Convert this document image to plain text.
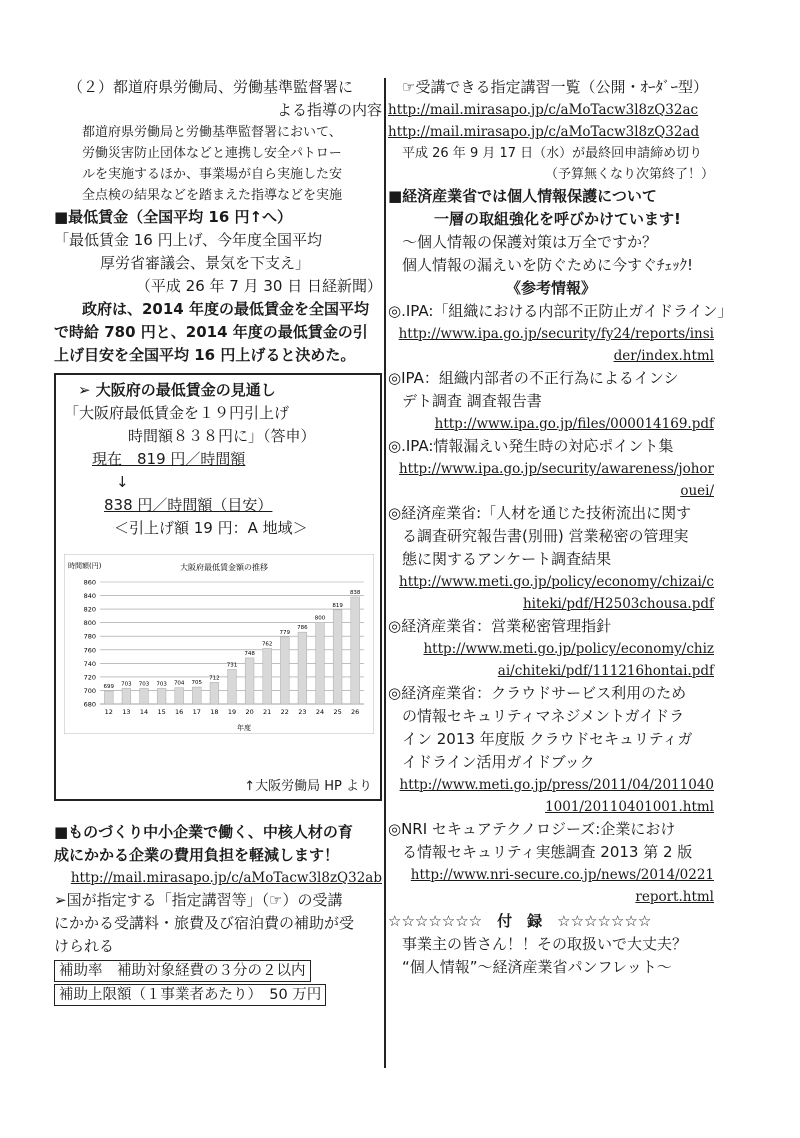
（２）都道府県労働局、労働基準監督署に
よる指導の内容
都道府県労働局と労働基準監督署において、
労働災害防止団体などと連携し安全パトロー
ルを実施するほか、事業場が自ら実施した安
全点検の結果などを踏まえた指導などを実施
■最低賃金（全国平均 16 円↑へ）
「最低賃金 16 円上げ、今年度全国平均
厚労省審議会、景気を下支え」
（平成 26 年 7 月 30 日 日経新聞）
政府は、2014 年度の最低賃金を全国平均
で時給 780 円と、2014 年度の最低賃金の引
上げ目安を全国平均 16 円上げると決めた。
➢ 大阪府の最低賃金の見通し
「大阪府最低賃金を１９円引上げ
時間額８３８円に」（答申）
現在　819 円／時間額
↓
838 円／時間額（目安）
＜引上げ額 19 円：A 地域＞
時間額(円)	大阪府最低賃金額の推移
年度
680
700
720
740
760
780
800
820
840
860
699
12
703
13
703
14
703
15
704
16
705
17
712
18
731
19
748
20
762
21
779
22
786
23
800
24
819
25
838
26
↑大阪労働局 HP より
■ものづくり中小企業で働く、中核人材の育
成にかかる企業の費用負担を軽減します！
http://mail.mirasapo.jp/c/aMoTacw3l8zQ32ab
➢国が指定する「指定講習等」（☞）の受講
にかかる受講料・旅費及び宿泊費の補助が受
けられる
補助率　補助対象経費の３分の２以内
補助上限額（１事業者あたり）　50 万円
☞受講できる指定講習一覧（公開・ｵｰﾀﾞｰ型）
http://mail.mirasapo.jp/c/aMoTacw3l8zQ32ac
http://mail.mirasapo.jp/c/aMoTacw3l8zQ32ad
平成 26 年 9 月 17 日（水）が最終回申請締め切り
（予算無くなり次第終了！）
■経済産業省では個人情報保護について
一層の取組強化を呼びかけています!
～個人情報の保護対策は万全ですか？
個人情報の漏えいを防ぐために今すぐﾁｪｯｸ!
《参考情報》
◎.IPA:「組織における内部不正防止ガイドライン」
http://www.ipa.go.jp/security/fy24/reports/insi
der/index.html
◎IPA：組織内部者の不正行為によるインシ
デト調査 調査報告書
http://www.ipa.go.jp/files/000014169.pdf
◎.IPA:情報漏えい発生時の対応ポイント集
http://www.ipa.go.jp/security/awareness/johor
ouei/
◎経済産業省:「人材を通じた技術流出に関す
る調査研究報告書(別冊) 営業秘密の管理実
態に関するアンケート調査結果
http://www.meti.go.jp/policy/economy/chizai/c
hiteki/pdf/H2503chousa.pdf
◎経済産業省：営業秘密管理指針
http://www.meti.go.jp/policy/economy/chiz
ai/chiteki/pdf/111216hontai.pdf
◎経済産業省：クラウドサービス利用のため
の情報セキュリティマネジメントガイドラ
イン 2013 年度版 クラウドセキュリティガ
イドライン活用ガイドブック
http://www.meti.go.jp/press/2011/04/2011040
1001/20110401001.html
◎NRI セキュアテクノロジーズ:企業におけ
る情報セキュリティ実態調査 2013 第 2 版
http://www.nri-secure.co.jp/news/2014/0221
report.html
☆☆☆☆☆☆☆　付　録　☆☆☆☆☆☆☆
事業主の皆さん！！その取扱いで大丈夫？
“個人情報”～経済産業省パンフレット～
